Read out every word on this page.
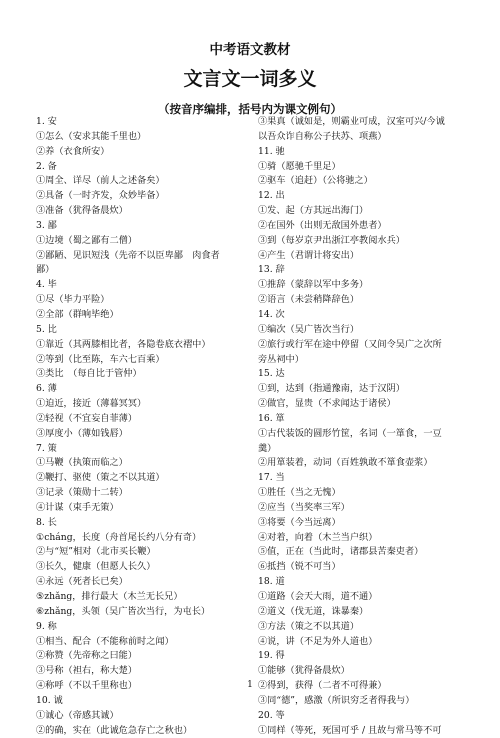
中考语文教材
文言文一词多义
（按音序编排，括号内为课文例句）
1. 安
①怎么（安求其能千里也）
②养（衣食所安）
2. 备
①周全、详尽（前人之述备矣）
②具备（一时齐发，众妙毕备）
③准备（犹得备晨炊）
3. 鄙
①边境（蜀之鄙有二僧）
②鄙陋、见识短浅（先帝不以臣卑鄙　肉食者
鄙）
4. 毕
①尽（毕力平险）
②全部（群响毕绝）
5. 比
①靠近（其两膝相比者，各隐卷底衣褶中）
②等到（比至陈，车六七百乘）
③类比　（每自比于管仲）
6. 薄
①迫近，接近（薄暮冥冥）
②轻视（不宜妄自菲薄）
③厚度小（薄如钱唇）
7. 策
①马鞭（执策而临之）
②鞭打、驱使（策之不以其道）
③记录（策勋十二转）
④计谋（束手无策）
8. 长
①cháng，长度（舟首尾长约八分有奇）
②与“短”相对（北市买长鞭）
③长久，健康（但愿人长久）
④永远（死者长已矣）
⑤zhǎng，排行最大（木兰无长兄）
⑥zhǎng，头领（吴广皆次当行，为屯长）
9. 称
①相当、配合（不能称前时之闻）
②称赞（先帝称之曰能）
③号称（袒右，称大楚）
④称呼（不以千里称也）
10. 诚
①诚心（帝感其诚）
②的确，实在（此诚危急存亡之秋也）
③果真（诚如是，则霸业可成，汉室可兴/今诚
以吾众诈自称公子扶苏、项燕）
11. 驰
①骑（愿驰千里足）
②驱车（追赶）（公将驰之）
12. 出
①发、起（方其远出海门）
②在国外（出则无敌国外患者）
③到（每岁京尹出浙江亭教阅水兵）
④产生（君谓计将安出）
13. 辞
①推辞（蒙辞以军中多务）
②语言（未尝稍降辞色）
14. 次
①编次（吴广皆次当行）
②旅行或行军在途中停留（又间令吴广之次所
旁丛祠中）
15. 达
①到，达到（指通豫南，达于汉阴）
②做官，显贵（不求闻达于诸侯）
16. 箪
①古代装饭的圆形竹筐，名词（一箪食，一豆
羹）
②用箪装着，动词（百姓孰敢不箪食壶浆）
17. 当
①胜任（当之无愧）
②应当（当奖率三军）
③将要（今当远离）
④对着，向着（木兰当户织）
⑤值，正在（当此时，诸郡县苦秦吏者）
⑥抵挡（锐不可当）
18. 道
①道路（会天大雨，道不通）
②道义（伐无道，诛暴秦）
③方法（策之不以其道）
④说，讲（不足为外人道也）
19. 得
①能够（犹得备晨炊）
②得到，获得（二者不可得兼）
③同“德”，感激（所识穷乏者得我与）
20. 等
①同样（等死，死国可乎 / 且故与常马等不可
1
